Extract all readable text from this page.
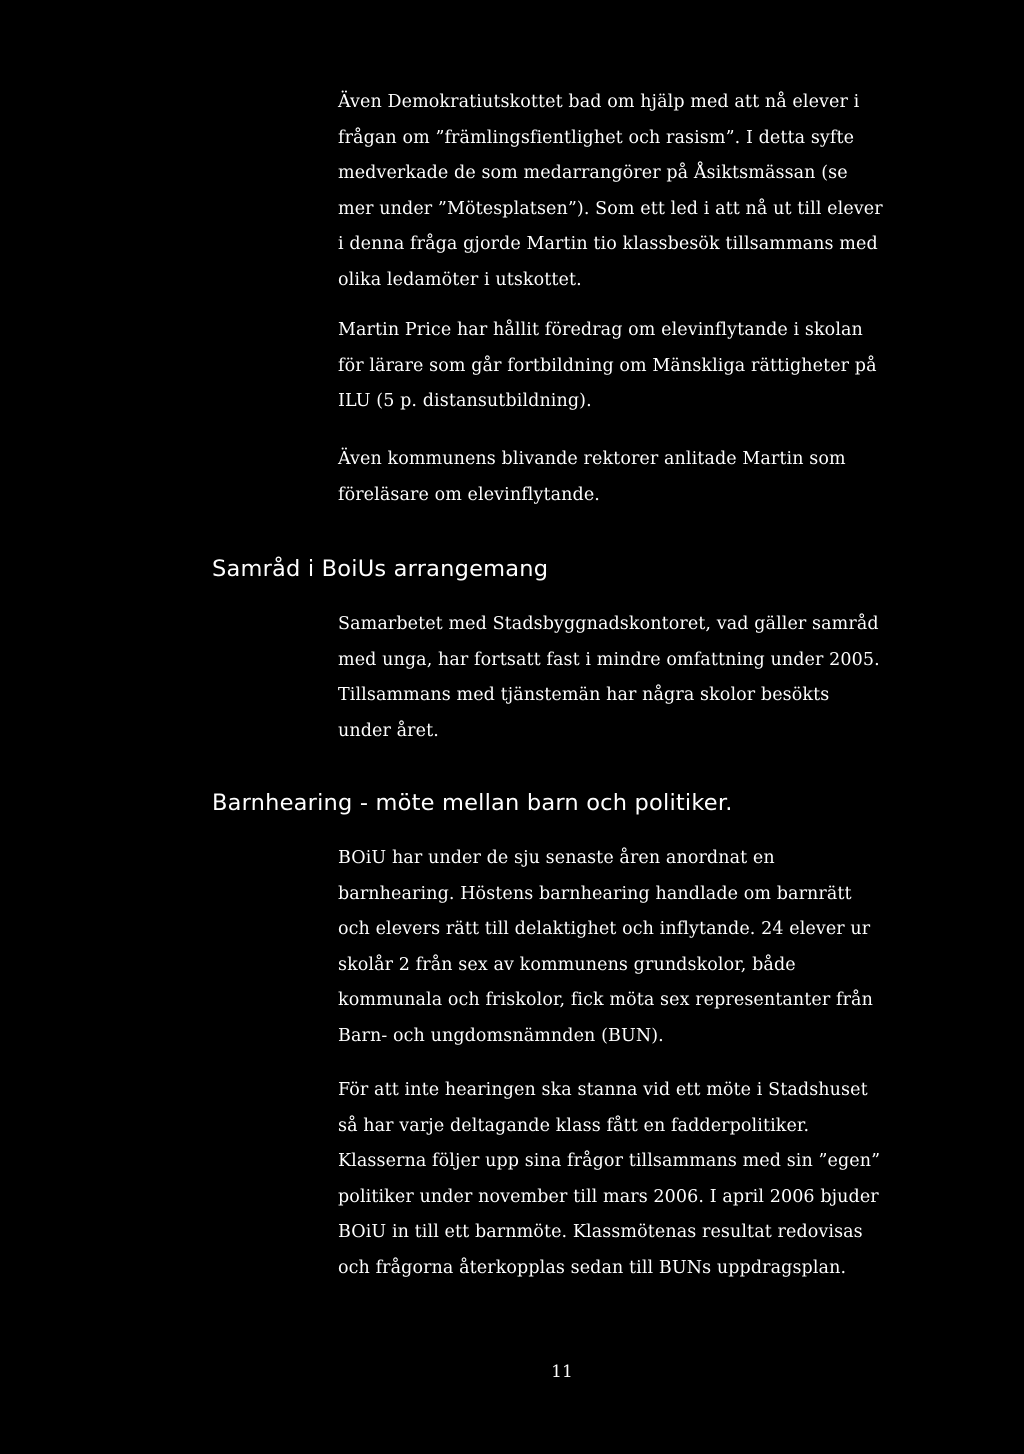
Även Demokratiutskottet bad om hjälp med att nå elever i
frågan om ”främlingsfientlighet och rasism”. I detta syfte
medverkade de som medarrangörer på Åsiktsmässan (se
mer under ”Mötesplatsen”). Som ett led i att nå ut till elever
i denna fråga gjorde Martin tio klassbesök tillsammans med
olika ledamöter i utskottet.

Martin Price har hållit föredrag om elevinflytande i skolan
för lärare som går fortbildning om Mänskliga rättigheter på
ILU (5 p. distansutbildning).

Även kommunens blivande rektorer anlitade Martin som
föreläsare om elevinflytande.

Samråd i BoiUs arrangemang

Samarbetet med Stadsbyggnadskontoret, vad gäller samråd
med unga, har fortsatt fast i mindre omfattning under 2005.
Tillsammans med tjänstemän har några skolor besökts
under året.

Barnhearing - möte mellan barn och politiker.

BOiU har under de sju senaste åren anordnat en
barnhearing. Höstens barnhearing handlade om barnrätt
och elevers rätt till delaktighet och inflytande. 24 elever ur
skolår 2 från sex av kommunens grundskolor, både
kommunala och friskolor, fick möta sex representanter från
Barn- och ungdomsnämnden (BUN).

För att inte hearingen ska stanna vid ett möte i Stadshuset
så har varje deltagande klass fått en fadderpolitiker.
Klasserna följer upp sina frågor tillsammans med sin ”egen”
politiker under november till mars 2006. I april 2006 bjuder
BOiU in till ett barnmöte. Klassmötenas resultat redovisas
och frågorna återkopplas sedan till BUNs uppdragsplan.

11
